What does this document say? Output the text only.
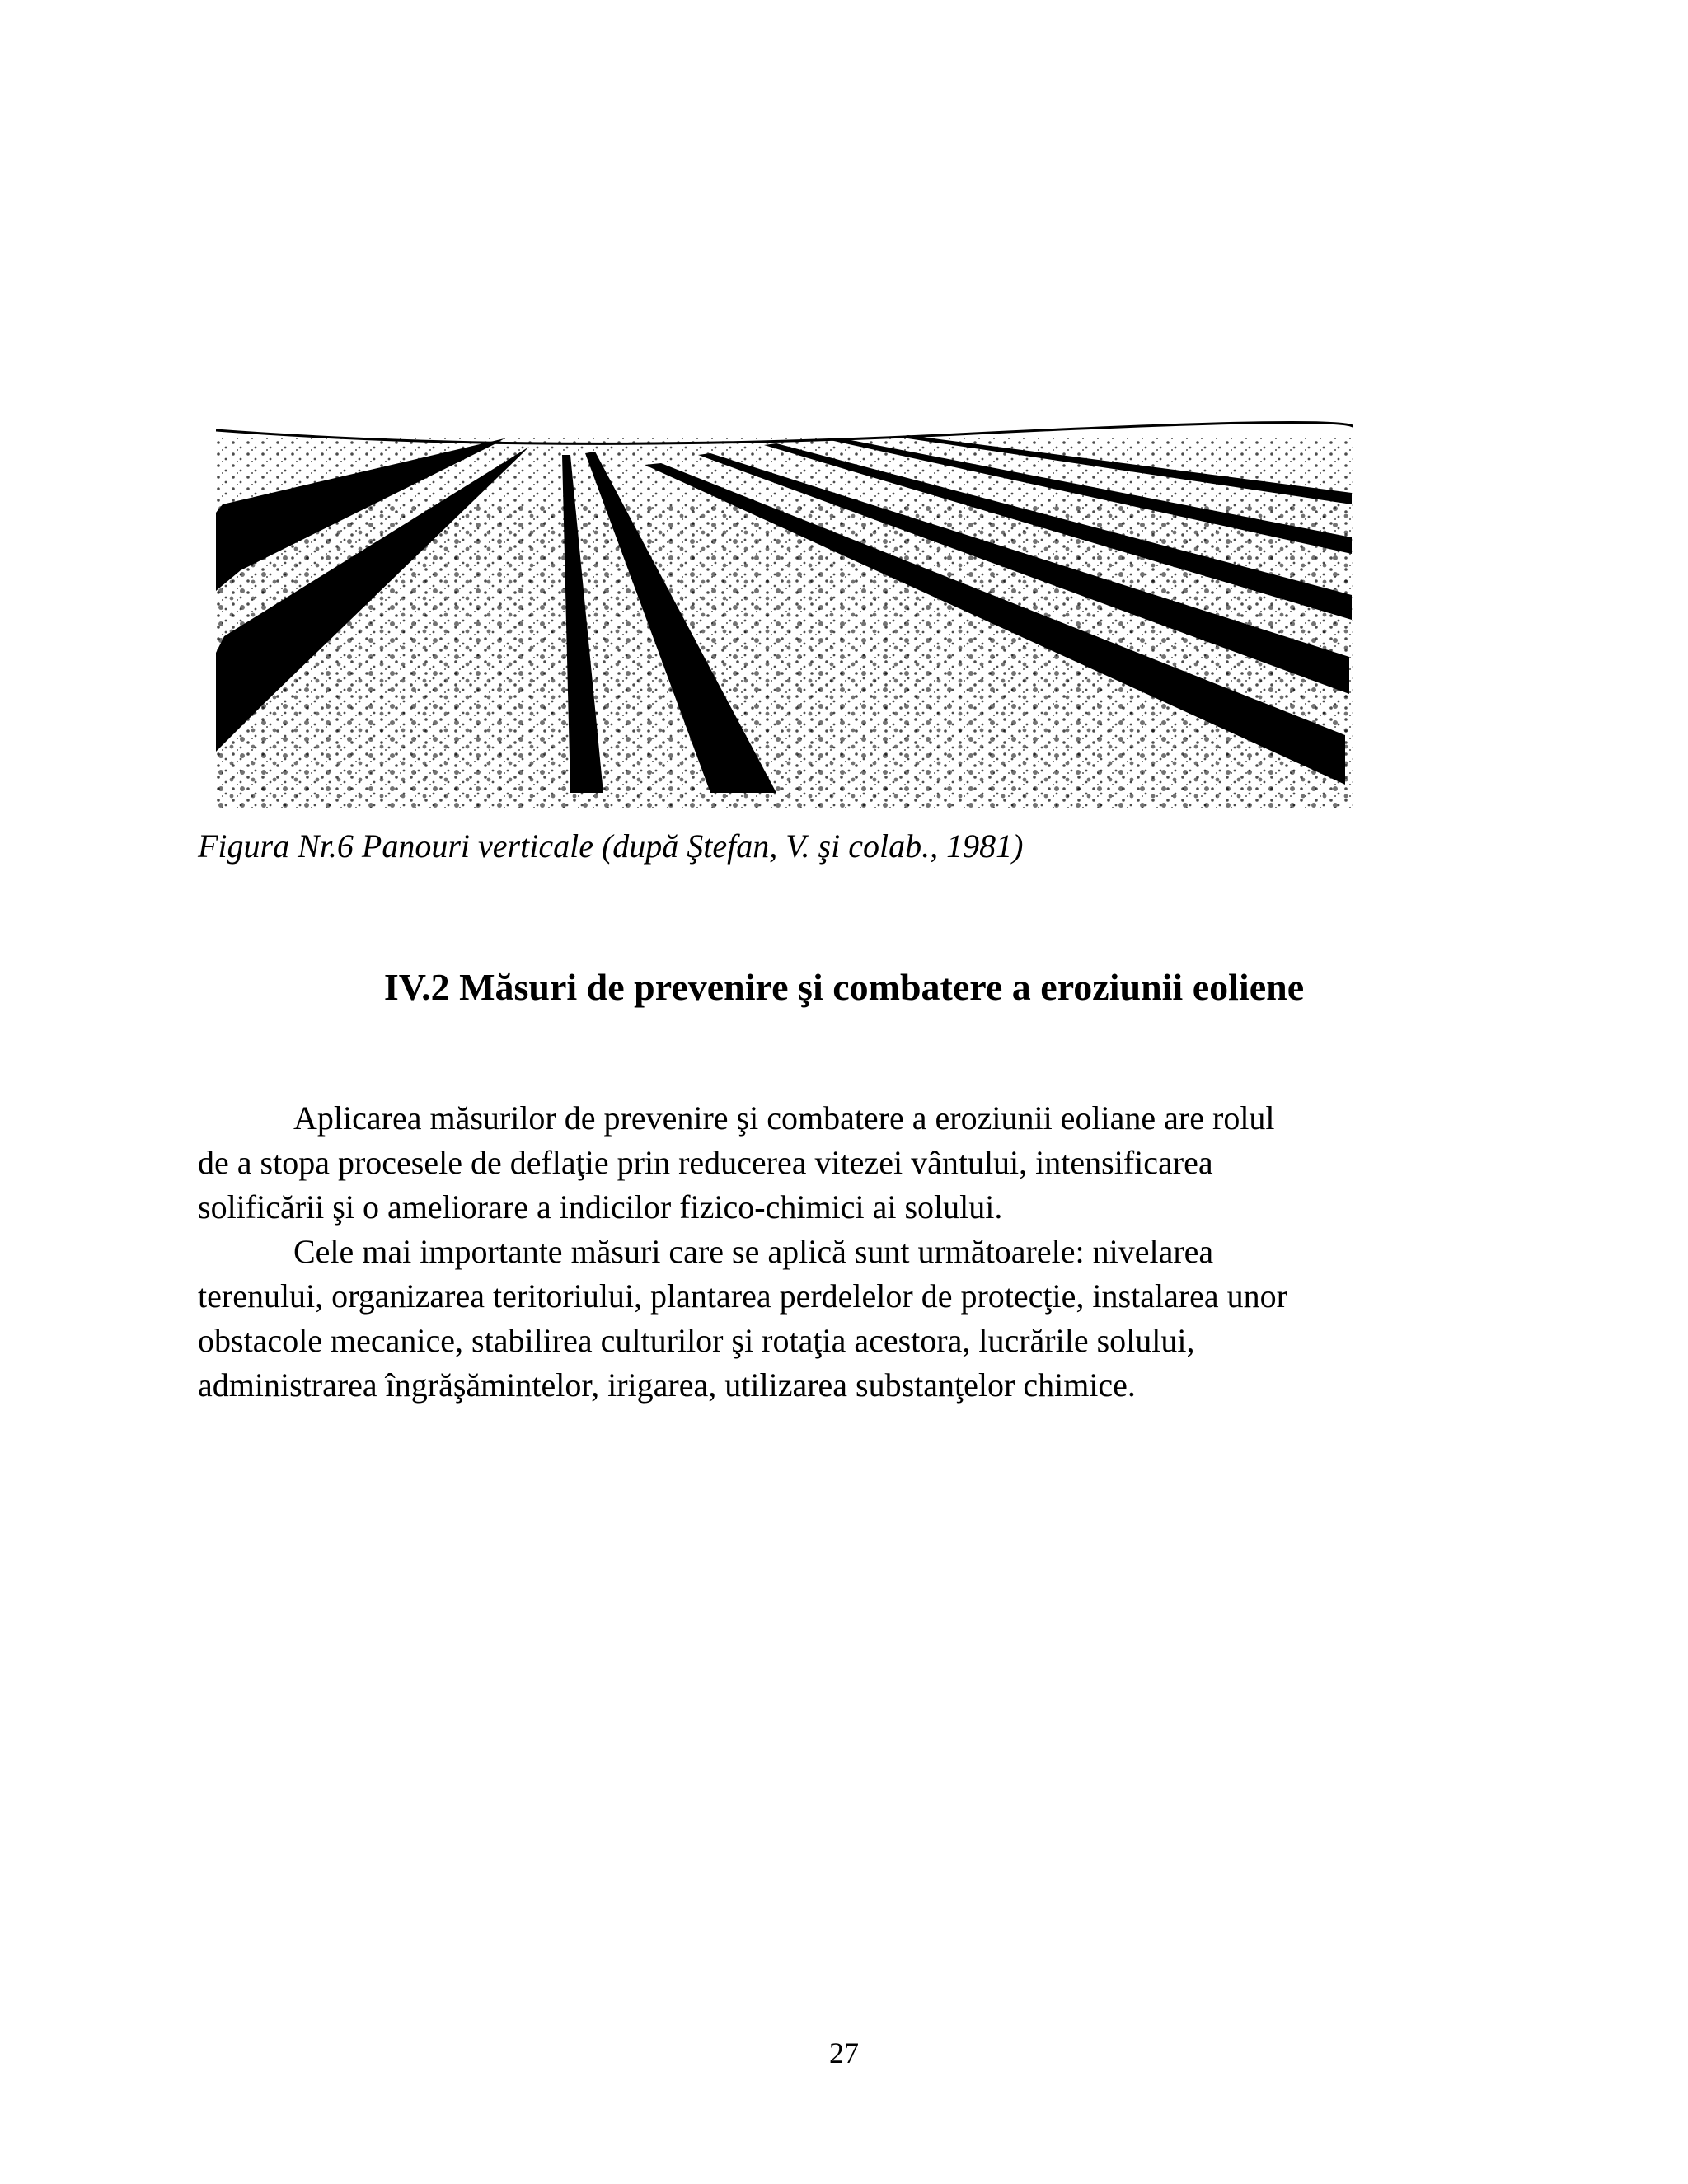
Figura Nr.6 Panouri verticale (după Ştefan, V. şi colab., 1981)
IV.2 Măsuri de prevenire şi combatere a eroziunii eoliene
Aplicarea măsurilor de prevenire şi combatere a eroziunii eoliane are rolul
de a stopa procesele de deflaţie prin reducerea vitezei vântului, intensificarea
solificării şi o ameliorare a indicilor fizico-chimici ai solului.
Cele mai importante măsuri care se aplică sunt următoarele: nivelarea
terenului, organizarea teritoriului, plantarea perdelelor de protecţie, instalarea unor
obstacole mecanice, stabilirea culturilor şi rotaţia acestora, lucrările solului,
administrarea îngrăşămintelor, irigarea, utilizarea substanţelor chimice.
27
